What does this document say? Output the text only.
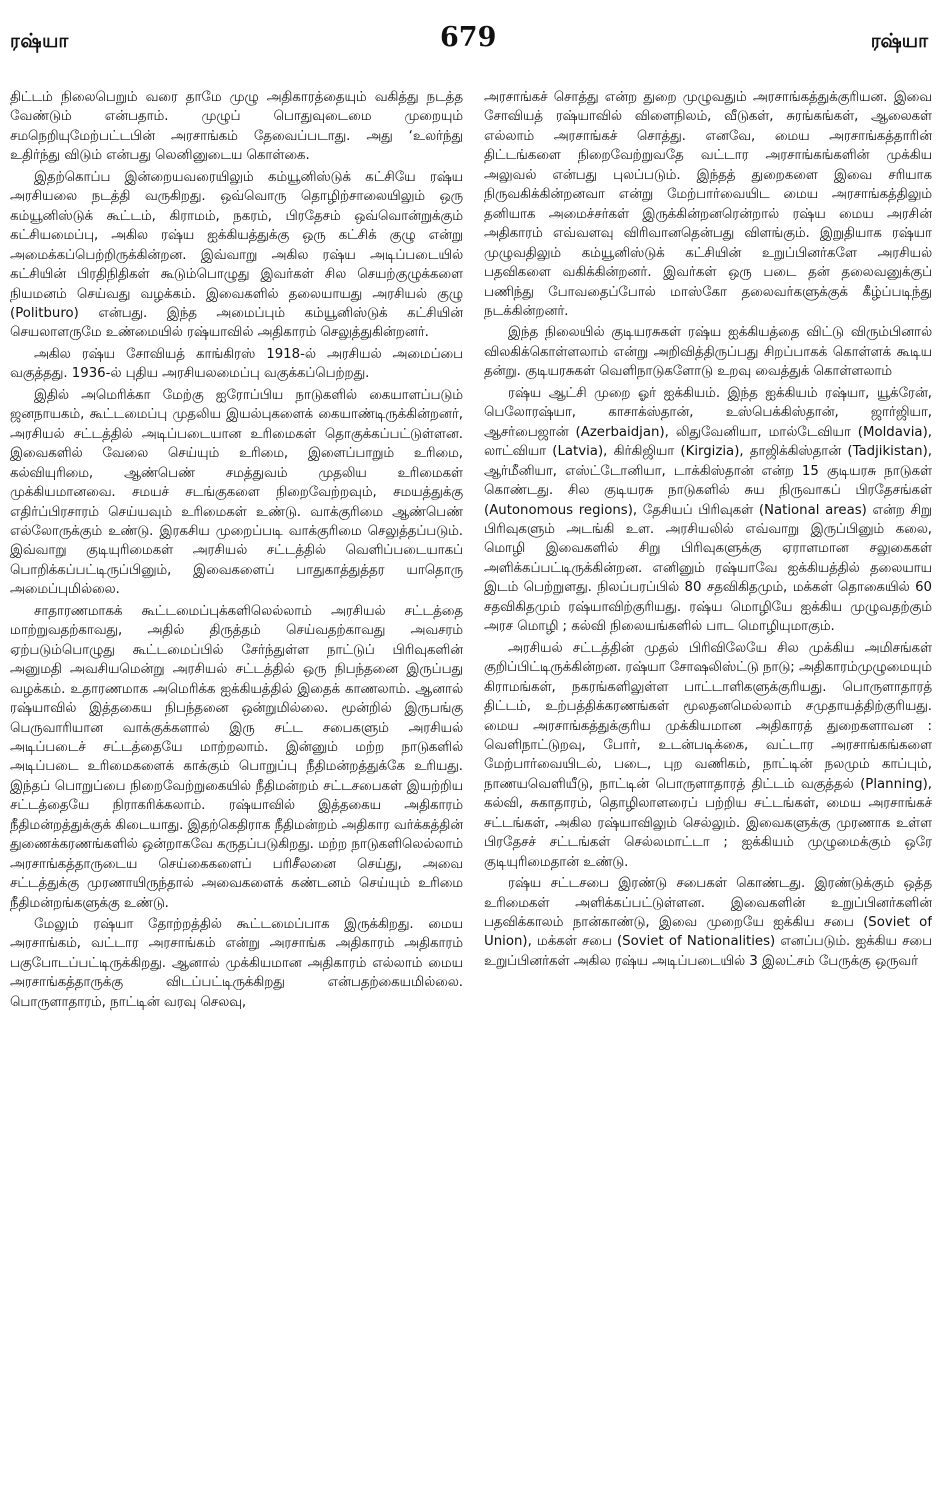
ரஷ்யா	679	ரஷ்யா

திட்டம் நிலைபெறும் வரை தாமே முழு அதிகாரத்தையும் வகித்து நடத்த வேண்டும் என்பதாம். முழுப் பொதுவுடைமை முறையும் சமநெறியுமேற்பட்டபின் அரசாங்கம் தேவைப்படாது. அது ‘உலர்ந்து உதிர்ந்து விடும் என்பது லெனினுடைய கொள்கை.

இதற்கொப்ப இன்றையவரையிலும் கம்யூனிஸ்டுக் கட்சியே ரஷ்ய அரசியலை நடத்தி வருகிறது. ஒவ்வொரு தொழிற்சாலையிலும் ஒரு கம்யூனிஸ்டுக் கூட்டம், கிராமம், நகரம், பிரதேசம் ஒவ்வொன்றுக்கும் கட்சியமைப்பு, அகில ரஷ்ய ஐக்கியத்துக்கு ஒரு கட்சிக் குழு என்று அமைக்கப்பெற்றிருக்கின்றன. இவ்வாறு அகில ரஷ்ய அடிப்படையில் கட்சியின் பிரதிநிதிகள் கூடும்பொழுது இவர்கள் சில செயற்குழுக்களை நியமனம் செய்வது வழக்கம். இவைகளில் தலையாயது அரசியல் குழு (Politburo) என்பது. இந்த அமைப்பும் கம்யூனிஸ்டுக் கட்சியின் செயலாளருமே உண்மையில் ரஷ்யாவில் அதிகாரம் செலுத்துகின்றனர்.

அகில ரஷ்ய சோவியத் காங்கிரஸ் 1918-ல் அரசியல் அமைப்பை வகுத்தது. 1936-ல் புதிய அரசியலமைப்பு வகுக்கப்பெற்றது.

இதில் அமெரிக்கா மேற்கு ஐரோப்பிய நாடுகளில் கையாளப்படும் ஜனநாயகம், கூட்டமைப்பு முதலிய இயல்புகளைக் கையாண்டிருக்கின்றனர், அரசியல் சட்டத்தில் அடிப்படையான உரிமைகள் தொகுக்கப்பட்டுள்ளன. இவைகளில் வேலை செய்யும் உரிமை, இளைப்பாறும் உரிமை, கல்வியுரிமை, ஆண்பெண் சமத்துவம் முதலிய உரிமைகள் முக்கியமானவை. சமயச் சடங்குகளை நிறைவேற்றவும், சமயத்துக்கு எதிர்ப்பிரசாரம் செய்யவும் உரிமைகள் உண்டு. வாக்குரிமை ஆண்பெண் எல்லோருக்கும் உண்டு. இரகசிய முறைப்படி வாக்குரிமை செலுத்தப்படும். இவ்வாறு குடியுரிமைகள் அரசியல் சட்டத்தில் வெளிப்படையாகப் பொறிக்கப்பட்டிருப்பினும், இவைகளைப் பாதுகாத்துத்தர யாதொரு அமைப்புமில்லை.

சாதாரணமாகக் கூட்டமைப்புக்களிலெல்லாம் அரசியல் சட்டத்தை மாற்றுவதற்காவது, அதில் திருத்தம் செய்வதற்காவது அவசரம் ஏற்படும்பொழுது கூட்டமைப்பில் சேர்ந்துள்ள நாட்டுப் பிரிவுகளின் அனுமதி அவசியமென்று அரசியல் சட்டத்தில் ஒரு நிபந்தனை இருப்பது வழக்கம். உதாரணமாக அமெரிக்க ஐக்கியத்தில் இதைக் காணலாம். ஆனால் ரஷ்யாவில் இத்தகைய நிபந்தனை ஒன்றுமில்லை. மூன்றில் இருபங்கு பெருவாரியான வாக்குக்களால் இரு சட்ட சபைகளும் அரசியல் அடிப்படைச் சட்டத்தையே மாற்றலாம். இன்னும் மற்ற நாடுகளில் அடிப்படை உரிமைகளைக் காக்கும் பொறுப்பு நீதிமன்றத்துக்கே உரியது. இந்தப் பொறுப்பை நிறைவேற்றுகையில் நீதிமன்றம் சட்டசபைகள் இயற்றிய சட்டத்தையே நிராகரிக்கலாம். ரஷ்யாவில் இத்தகைய அதிகாரம் நீதிமன்றத்துக்குக் கிடையாது. இதற்கெதிராக நீதிமன்றம் அதிகார வர்க்கத்தின் துணைக்கரணங்களில் ஒன்றாகவே கருதப்படுகிறது. மற்ற நாடுகளிலெல்லாம் அரசாங்கத்தாருடைய செய்கைகளைப் பரிசீலனை செய்து, அவை சட்டத்துக்கு முரணாயிருந்தால் அவைகளைக் கண்டனம் செய்யும் உரிமை நீதிமன்றங்களுக்கு உண்டு.

மேலும் ரஷ்யா தோற்றத்தில் கூட்டமைப்பாக இருக்கிறது. மைய அரசாங்கம், வட்டார அரசாங்கம் என்று அரசாங்க அதிகாரம் அதிகாரம் பகுபோடப்பட்டிருக்கிறது. ஆனால் முக்கியமான அதிகாரம் எல்லாம் மைய அரசாங்கத்தாருக்கு விடப்பட்டிருக்கிறது என்பதற்கையமில்லை. பொருளாதாரம், நாட்டின் வரவு செலவு,

அரசாங்கச் சொத்து என்ற துறை முழுவதும் அரசாங்கத்துக்குரியன. இவை சோவியத் ரஷ்யாவில் விளைநிலம், வீடுகள், சுரங்கங்கள், ஆலைகள் எல்லாம் அரசாங்கச் சொத்து. எனவே, மைய அரசாங்கத்தாரின் திட்டங்களை நிறைவேற்றுவதே வட்டார அரசாங்கங்களின் முக்கிய அலுவல் என்பது புலப்படும். இந்தத் துறைகளை இவை சரியாக நிருவகிக்கின்றனவா என்று மேற்பார்வையிட மைய அரசாங்கத்திலும் தனியாக அமைச்சர்கள் இருக்கின்றனரென்றால் ரஷ்ய மைய அரசின் அதிகாரம் எவ்வளவு விரிவானதென்பது விளங்கும். இறுதியாக ரஷ்யா முழுவதிலும் கம்யூனிஸ்டுக் கட்சியின் உறுப்பினர்களே அரசியல் பதவிகளை வகிக்கின்றனர். இவர்கள் ஒரு படை தன் தலைவனுக்குப் பணிந்து போவதைப்போல் மாஸ்கோ தலைவர்களுக்குக் கீழ்ப்படிந்து நடக்கின்றனர்.

இந்த நிலையில் குடியரசுகள் ரஷ்ய ஐக்கியத்தை விட்டு விரும்பினால் விலகிக்கொள்ளலாம் என்று அறிவித்திருப்பது சிறப்பாகக் கொள்ளக் கூடிய தன்று. குடியரசுகள் வெளிநாடுகளோடு உறவு வைத்துக் கொள்ளலாம்

ரஷ்ய ஆட்சி முறை ஓர் ஐக்கியம். இந்த ஐக்கியம் ரஷ்யா, யூக்ரேன், பெலோரஷ்யா, காசாக்ஸ்தான், உஸ்பெக்கிஸ்தான், ஜார்ஜியா, ஆசர்பைஜான் (Azerbaidjan), லிதுவேனியா, மால்டேவியா (Moldavia), லாட்வியா (Latvia), கிர்கிஜியா (Kirgizia), தாஜிக்கிஸ்தான் (Tadjikistan), ஆர்மீனியா, எஸ்ட்டோனியா, டாக்கிஸ்தான் என்ற 15 குடியரசு நாடுகள் கொண்டது. சில குடியரசு நாடுகளில் சுய நிருவாகப் பிரதேசங்கள் (Autonomous regions), தேசியப் பிரிவுகள் (National areas) என்ற சிறு பிரிவுகளும் அடங்கி உள. அரசியலில் எவ்வாறு இருப்பினும் கலை, மொழி இவைகளில் சிறு பிரிவுகளுக்கு ஏராளமான சலுகைகள் அளிக்கப்பட்டிருக்கின்றன. எனினும் ரஷ்யாவே ஐக்கியத்தில் தலையாய இடம் பெற்றுளது. நிலப்பரப்பில் 80 சதவிகிதமும், மக்கள் தொகையில் 60 சதவிகிதமும் ரஷ்யாவிற்குரியது. ரஷ்ய மொழியே ஐக்கிய முழுவதற்கும் அரச மொழி ; கல்வி நிலையங்களில் பாட மொழியுமாகும்.

அரசியல் சட்டத்தின் முதல் பிரிவிலேயே சில முக்கிய அமிசங்கள் குறிப்பிட்டிருக்கின்றன. ரஷ்யா சோஷலிஸ்ட்டு நாடு; அதிகாரம்முழுமையும் கிராமங்கள், நகரங்களிலுள்ள பாட்டாளிகளுக்குரியது. பொருளாதாரத் திட்டம், உற்பத்திக்கரணங்கள் மூலதனமெல்லாம் சமுதாயத்திற்குரியது. மைய அரசாங்கத்துக்குரிய முக்கியமான அதிகாரத் துறைகளாவன : வெளிநாட்டுறவு, போர், உடன்படிக்கை, வட்டார அரசாங்கங்களை மேற்பார்வையிடல், படை, புற வணிகம், நாட்டின் நலமும் காப்பும், நாணயவெளியீடு, நாட்டின் பொருளாதாரத் திட்டம் வகுத்தல் (Planning), கல்வி, சுகாதாரம், தொழிலாளரைப் பற்றிய சட்டங்கள், மைய அரசாங்கச் சட்டங்கள், அகில ரஷ்யாவிலும் செல்லும். இவைகளுக்கு முரணாக உள்ள பிரதேசச் சட்டங்கள் செல்லமாட்டா ; ஐக்கியம் முழுமைக்கும் ஒரே குடியுரிமைதான் உண்டு.

ரஷ்ய சட்டசபை இரண்டு சபைகள் கொண்டது. இரண்டுக்கும் ஒத்த உரிமைகள் அளிக்கப்பட்டுள்ளன. இவைகளின் உறுப்பினர்களின் பதவிக்காலம் நான்காண்டு, இவை முறையே ஐக்கிய சபை (Soviet of Union), மக்கள் சபை (Soviet of Nationalities) எனப்படும். ஐக்கிய சபை உறுப்பினர்கள் அகில ரஷ்ய அடிப்படையில் 3 இலட்சம் பேருக்கு ஒருவர்
